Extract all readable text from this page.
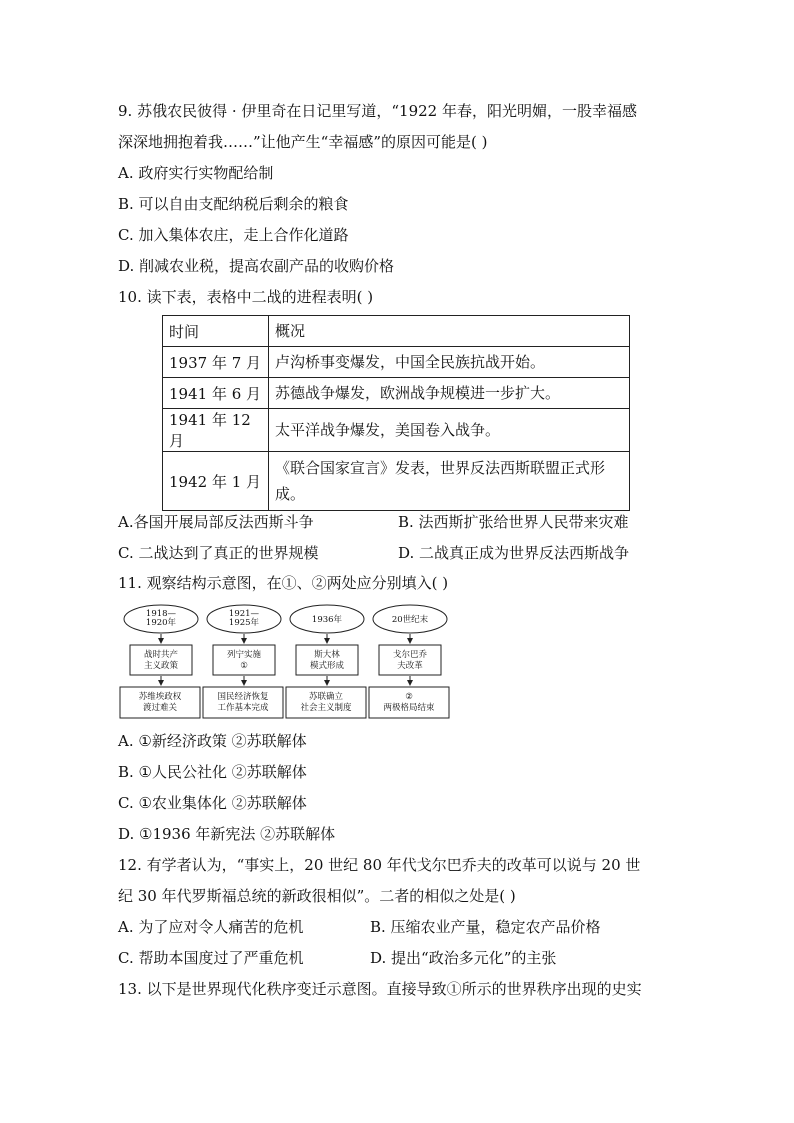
9. 苏俄农民彼得 · 伊里奇在日记里写道，“1922 年春，阳光明媚，一股幸福感
深深地拥抱着我……”让他产生“幸福感”的原因可能是( )
A. 政府实行实物配给制
B. 可以自由支配纳税后剩余的粮食
C. 加入集体农庄，走上合作化道路
D. 削减农业税，提高农副产品的收购价格
10. 读下表，表格中二战的进程表明( )
时间	概况
1937 年 7 月	卢沟桥事变爆发，中国全民族抗战开始。
1941 年 6 月	苏德战争爆发，欧洲战争规模进一步扩大。
1941 年 12 月	太平洋战争爆发，美国卷入战争。
1942 年 1 月	《联合国家宣言》发表，世界反法西斯联盟正式形成。
A.各国开展局部反法西斯斗争	B. 法西斯扩张给世界人民带来灾难
C. 二战达到了真正的世界规模	D. 二战真正成为世界反法西斯战争
11. 观察结构示意图，在①、②两处应分别填入( )
1918—
1920年
战时共产
主义政策
苏维埃政权
渡过难关
1921—
1925年
列宁实施
①
国民经济恢复
工作基本完成
1936年
斯大林
模式形成
苏联确立
社会主义制度
20世纪末
戈尔巴乔
夫改革
②
两极格局结束
A. ①新经济政策 ②苏联解体
B. ①人民公社化 ②苏联解体
C. ①农业集体化 ②苏联解体
D. ①1936 年新宪法 ②苏联解体
12. 有学者认为，“事实上，20 世纪 80 年代戈尔巴乔夫的改革可以说与 20 世
纪 30 年代罗斯福总统的新政很相似”。二者的相似之处是( )
A. 为了应对令人痛苦的危机	B. 压缩农业产量，稳定农产品价格
C. 帮助本国度过了严重危机	D. 提出“政治多元化”的主张
13. 以下是世界现代化秩序变迁示意图。直接导致①所示的世界秩序出现的史实
